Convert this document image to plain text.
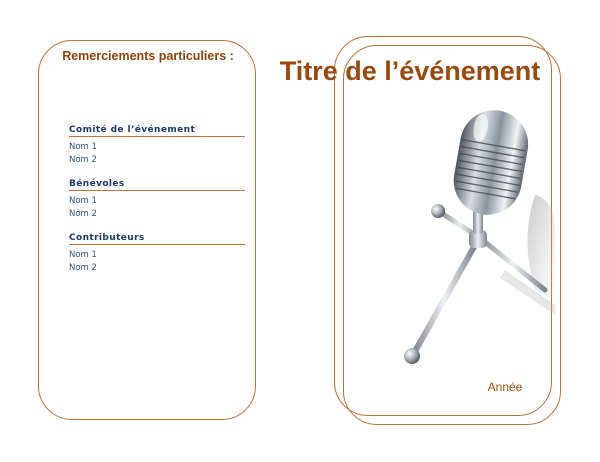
Remerciements particuliers :
Comité de l’événement
Nom 1
Nom 2
Bénévoles
Nom 1
Nom 2
Contributeurs
Nom 1
Nom 2
Titre de l’événement
Année
